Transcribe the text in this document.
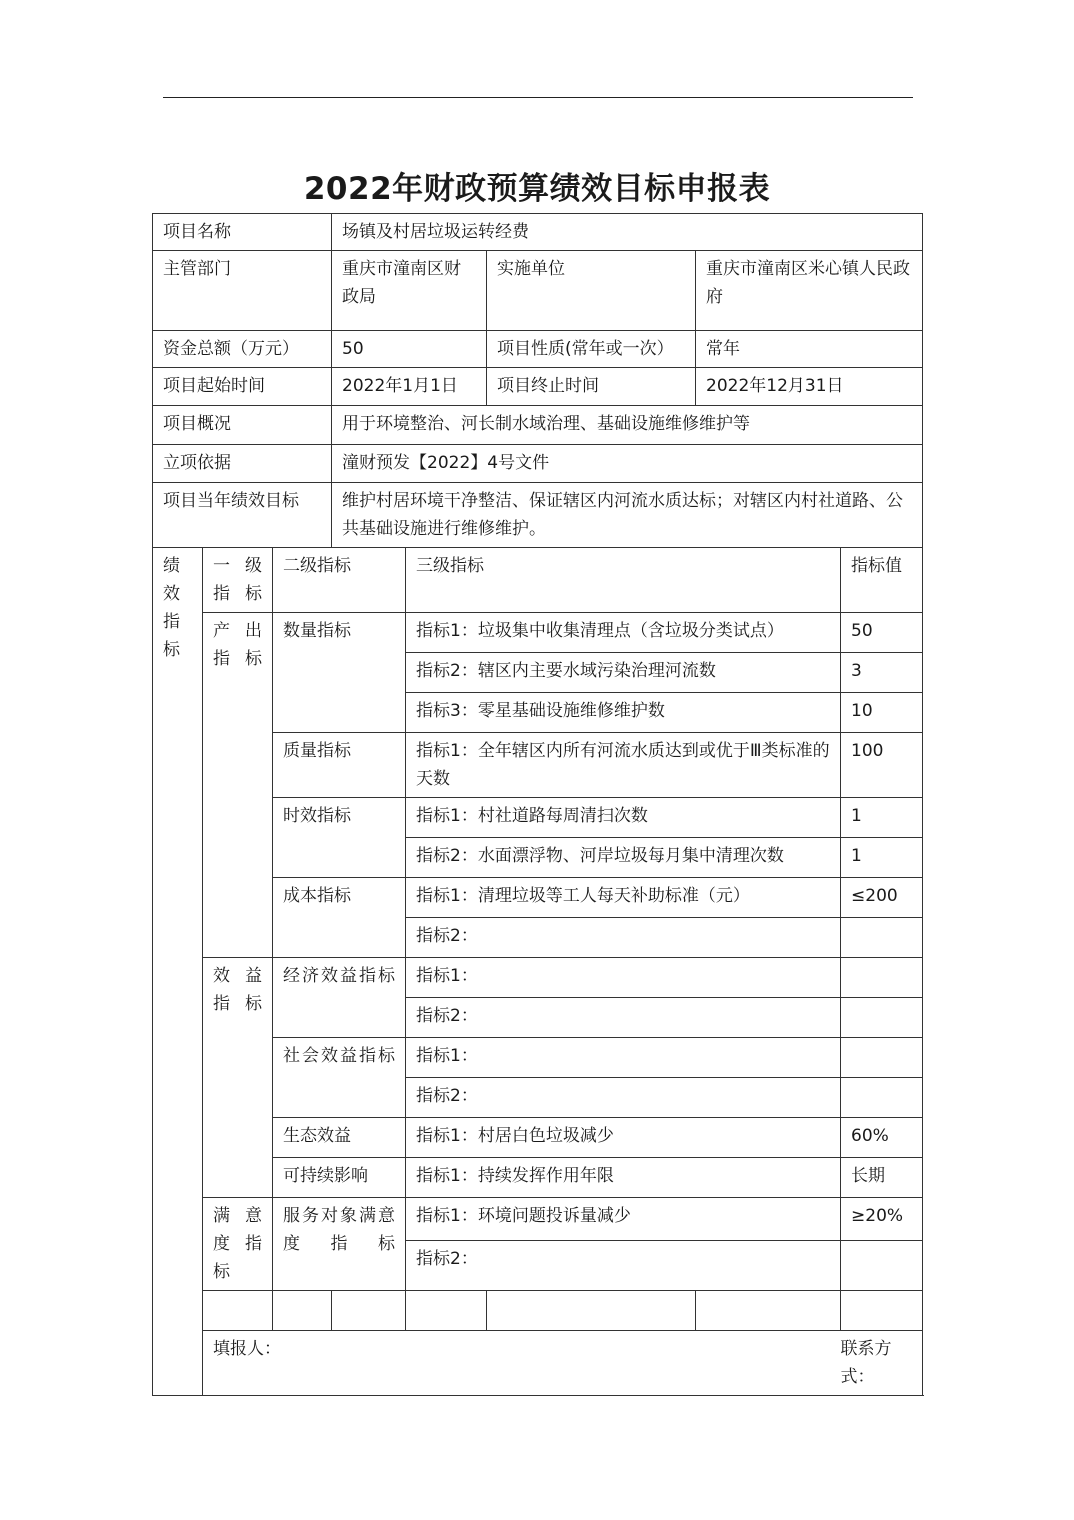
2022年财政预算绩效目标申报表
项目名称			场镇及村居垃圾运转经费					
主管部门			重庆市潼南区财政局		实施单位	重庆市潼南区米心镇人民政府		
资金总额（万元）			50		项目性质(常年或一次）	常年		
项目起始时间			2022年1月1日		项目终止时间	2022年12月31日		
项目概况			用于环境整治、河长制水域治理、基础设施维修维护等					
立项依据			潼财预发【2022】4号文件					
项目当年绩效目标			维护村居环境干净整洁、保证辖区内河流水质达标；对辖区内村社道路、公共基础设施进行维修维护。					
绩效指标	一级指标	二级指标		三级指标			指标值	
	产出指标	数量指标		指标1：垃圾集中收集清理点（含垃圾分类试点）			50	
				指标2：辖区内主要水域污染治理河流数			3	
				指标3：零星基础设施维修维护数			10	
		质量指标		指标1：全年辖区内所有河流水质达到或优于Ⅲ类标准的天数			100	
		时效指标		指标1：村社道路每周清扫次数			1	
				指标2：水面漂浮物、河岸垃圾每月集中清理次数			1	
		成本指标		指标1：清理垃圾等工人每天补助标准（元）			≤200	
				指标2：				
	效益指标	经济效益指标		指标1：				
				指标2：				
		社会效益指标		指标1：				
				指标2：				
		生态效益		指标1：村居白色垃圾减少			60%	
		可持续影响		指标1：持续发挥作用年限			长期	
	满意度指标	服务对象满意度指标		指标1：环境问题投诉量减少			≥20%	
				指标2：				

	填报人：						联系方式：	
